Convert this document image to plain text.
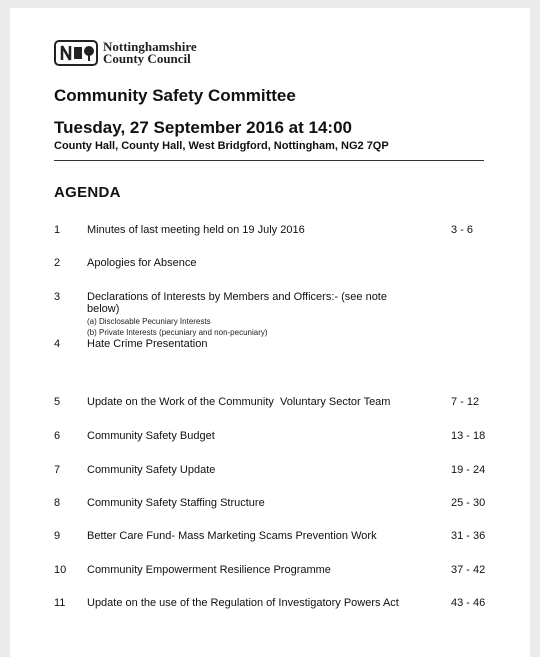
Nottinghamshire
County Council
Community Safety Committee
Tuesday, 27 September 2016 at 14:00
County Hall, County Hall, West Bridgford, Nottingham, NG2 7QP
AGENDA
1 Minutes of last meeting held on 19 July 2016	3 - 6
2 Apologies for Absence
3 Declarations of Interests by Members and Officers:- (see note below)
(a) Disclosable Pecuniary Interests
(b) Private Interests (pecuniary and non-pecuniary)
4 Hate Crime Presentation
5 Update on the Work of the Community  Voluntary Sector Team	7 - 12
6 Community Safety Budget	13 - 18
7 Community Safety Update	19 - 24
8 Community Safety Staffing Structure	25 - 30
9 Better Care Fund- Mass Marketing Scams Prevention Work	31 - 36
10 Community Empowerment Resilience Programme	37 - 42
11 Update on the use of the Regulation of Investigatory Powers Act	43 - 46
